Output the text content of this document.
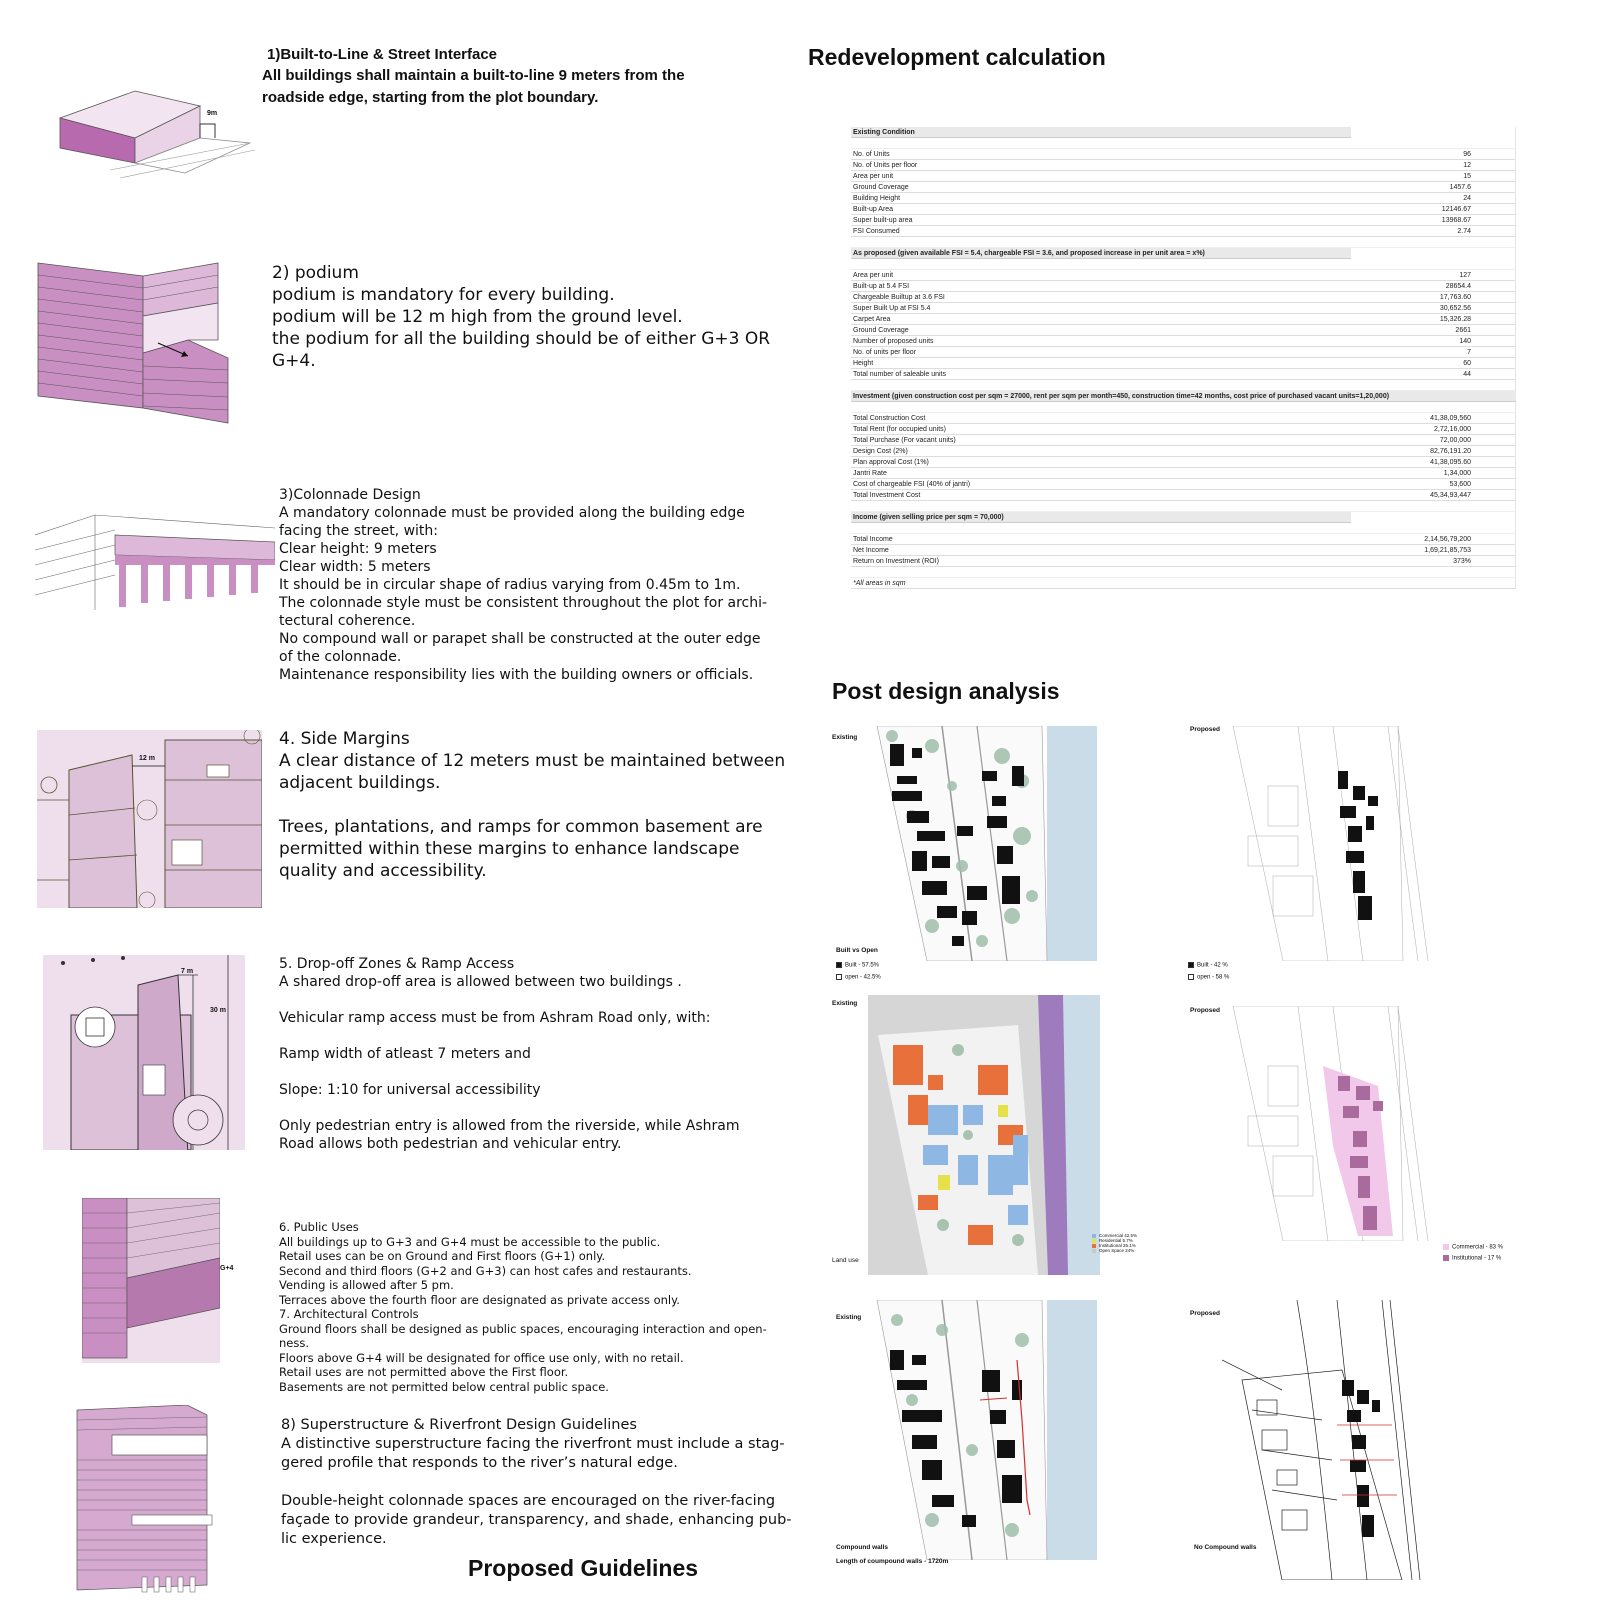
9m
1)Built-to-Line & Street Interface
All buildings shall maintain a built-to-line 9 meters from the
roadside edge, starting from the plot boundary.
2) podium
podium is mandatory for every building.
podium will be 12 m high from the ground level.
the podium for all the building should be of either G+3 OR
G+4.
3)Colonnade Design
A mandatory colonnade must be provided along the building edge
facing the street, with:
Clear height: 9 meters
Clear width: 5 meters
It should be in circular shape of radius varying from 0.45m to 1m.
The colonnade style must be consistent throughout the plot for archi-
tectural coherence.
No compound wall or parapet shall be constructed at the outer edge
of the colonnade.
Maintenance responsibility lies with the building owners or officials.
12 m
4. Side Margins
A clear distance of 12 meters must be maintained between
adjacent buildings.
Trees, plantations, and ramps for common basement are
permitted within these margins to enhance landscape
quality and accessibility.
7 m
30 m
5. Drop-off Zones & Ramp Access
A shared drop-off area is allowed between two buildings .
Vehicular ramp access must be from Ashram Road only, with:
Ramp width of atleast 7 meters and
Slope: 1:10 for universal accessibility
Only pedestrian entry is allowed from the riverside, while Ashram
Road allows both pedestrian and vehicular entry.
G+4
6. Public Uses
All buildings up to G+3 and G+4 must be accessible to the public.
Retail uses can be on Ground and First floors (G+1) only.
Second and third floors (G+2 and G+3) can host cafes and restaurants.
Vending is allowed after 5 pm.
Terraces above the fourth floor are designated as private access only.
7. Architectural Controls
Ground floors shall be designed as public spaces, encouraging interaction and open-
ness.
Floors above G+4 will be designated for office use only, with no retail.
Retail uses are not permitted above the First floor.
Basements are not permitted below central public space.
8) Superstructure & Riverfront Design Guidelines
A distinctive superstructure facing the riverfront must include a stag-
gered profile that responds to the river’s natural edge.
Double-height colonnade spaces are encouraged on the river-facing
façade to provide grandeur, transparency, and shade, enhancing pub-
lic experience.
Proposed Guidelines
Redevelopment calculation
Existing Condition
No. of Units	96
No. of Units per floor	12
Area per unit	15
Ground Coverage	1457.6
Building Height	24
Built-up Area	12146.67
Super built-up area	13968.67
FSI Consumed	2.74
As proposed (given available FSI = 5.4, chargeable FSI = 3.6, and proposed increase in per unit area = x%)
Area per unit	127
Built-up at 5.4 FSI	28654.4
Chargeable Builtup at 3.6 FSI	17,763.60
Super Built Up at FSI 5.4	30,652.56
Carpet Area	15,326.28
Ground Coverage	2661
Number of proposed units	140
No. of units per floor	7
Height	60
Total number of saleable units	44
Investment (given construction cost per sqm = 27000, rent per sqm per month=450, construction time=42 months, cost price of purchased vacant units=1,20,000)
Total Construction Cost	41,38,09,560
Total Rent (for occupied units)	2,72,16,000
Total Purchase (For vacant units)	72,00,000
Design Cost (2%)	82,76,191.20
Plan approval Cost (1%)	41,38,095.60
Jantri Rate	1,34,000
Cost of chargeable FSI (40% of jantri)	53,600
Total Investment Cost	45,34,93,447
Income (given selling price per sqm = 70,000)
Total Income	2,14,56,79,200
Net Income	1,69,21,85,753
Return on Investment (ROI)	373%
*All areas in sqm
Post design analysis
Existing
Built vs Open
Built - 57.5%
open - 42.5%
Proposed
Built - 42 %
open - 58 %
Existing
Land use
Commercial 42.5%
Residential 5.7%
Institutional 26.1%
Open Space 24%
Proposed
Commercial - 83 %
Institutional - 17 %
Existing
Compound walls
Length of coumpound walls - 1720m
Proposed
No Compound walls
